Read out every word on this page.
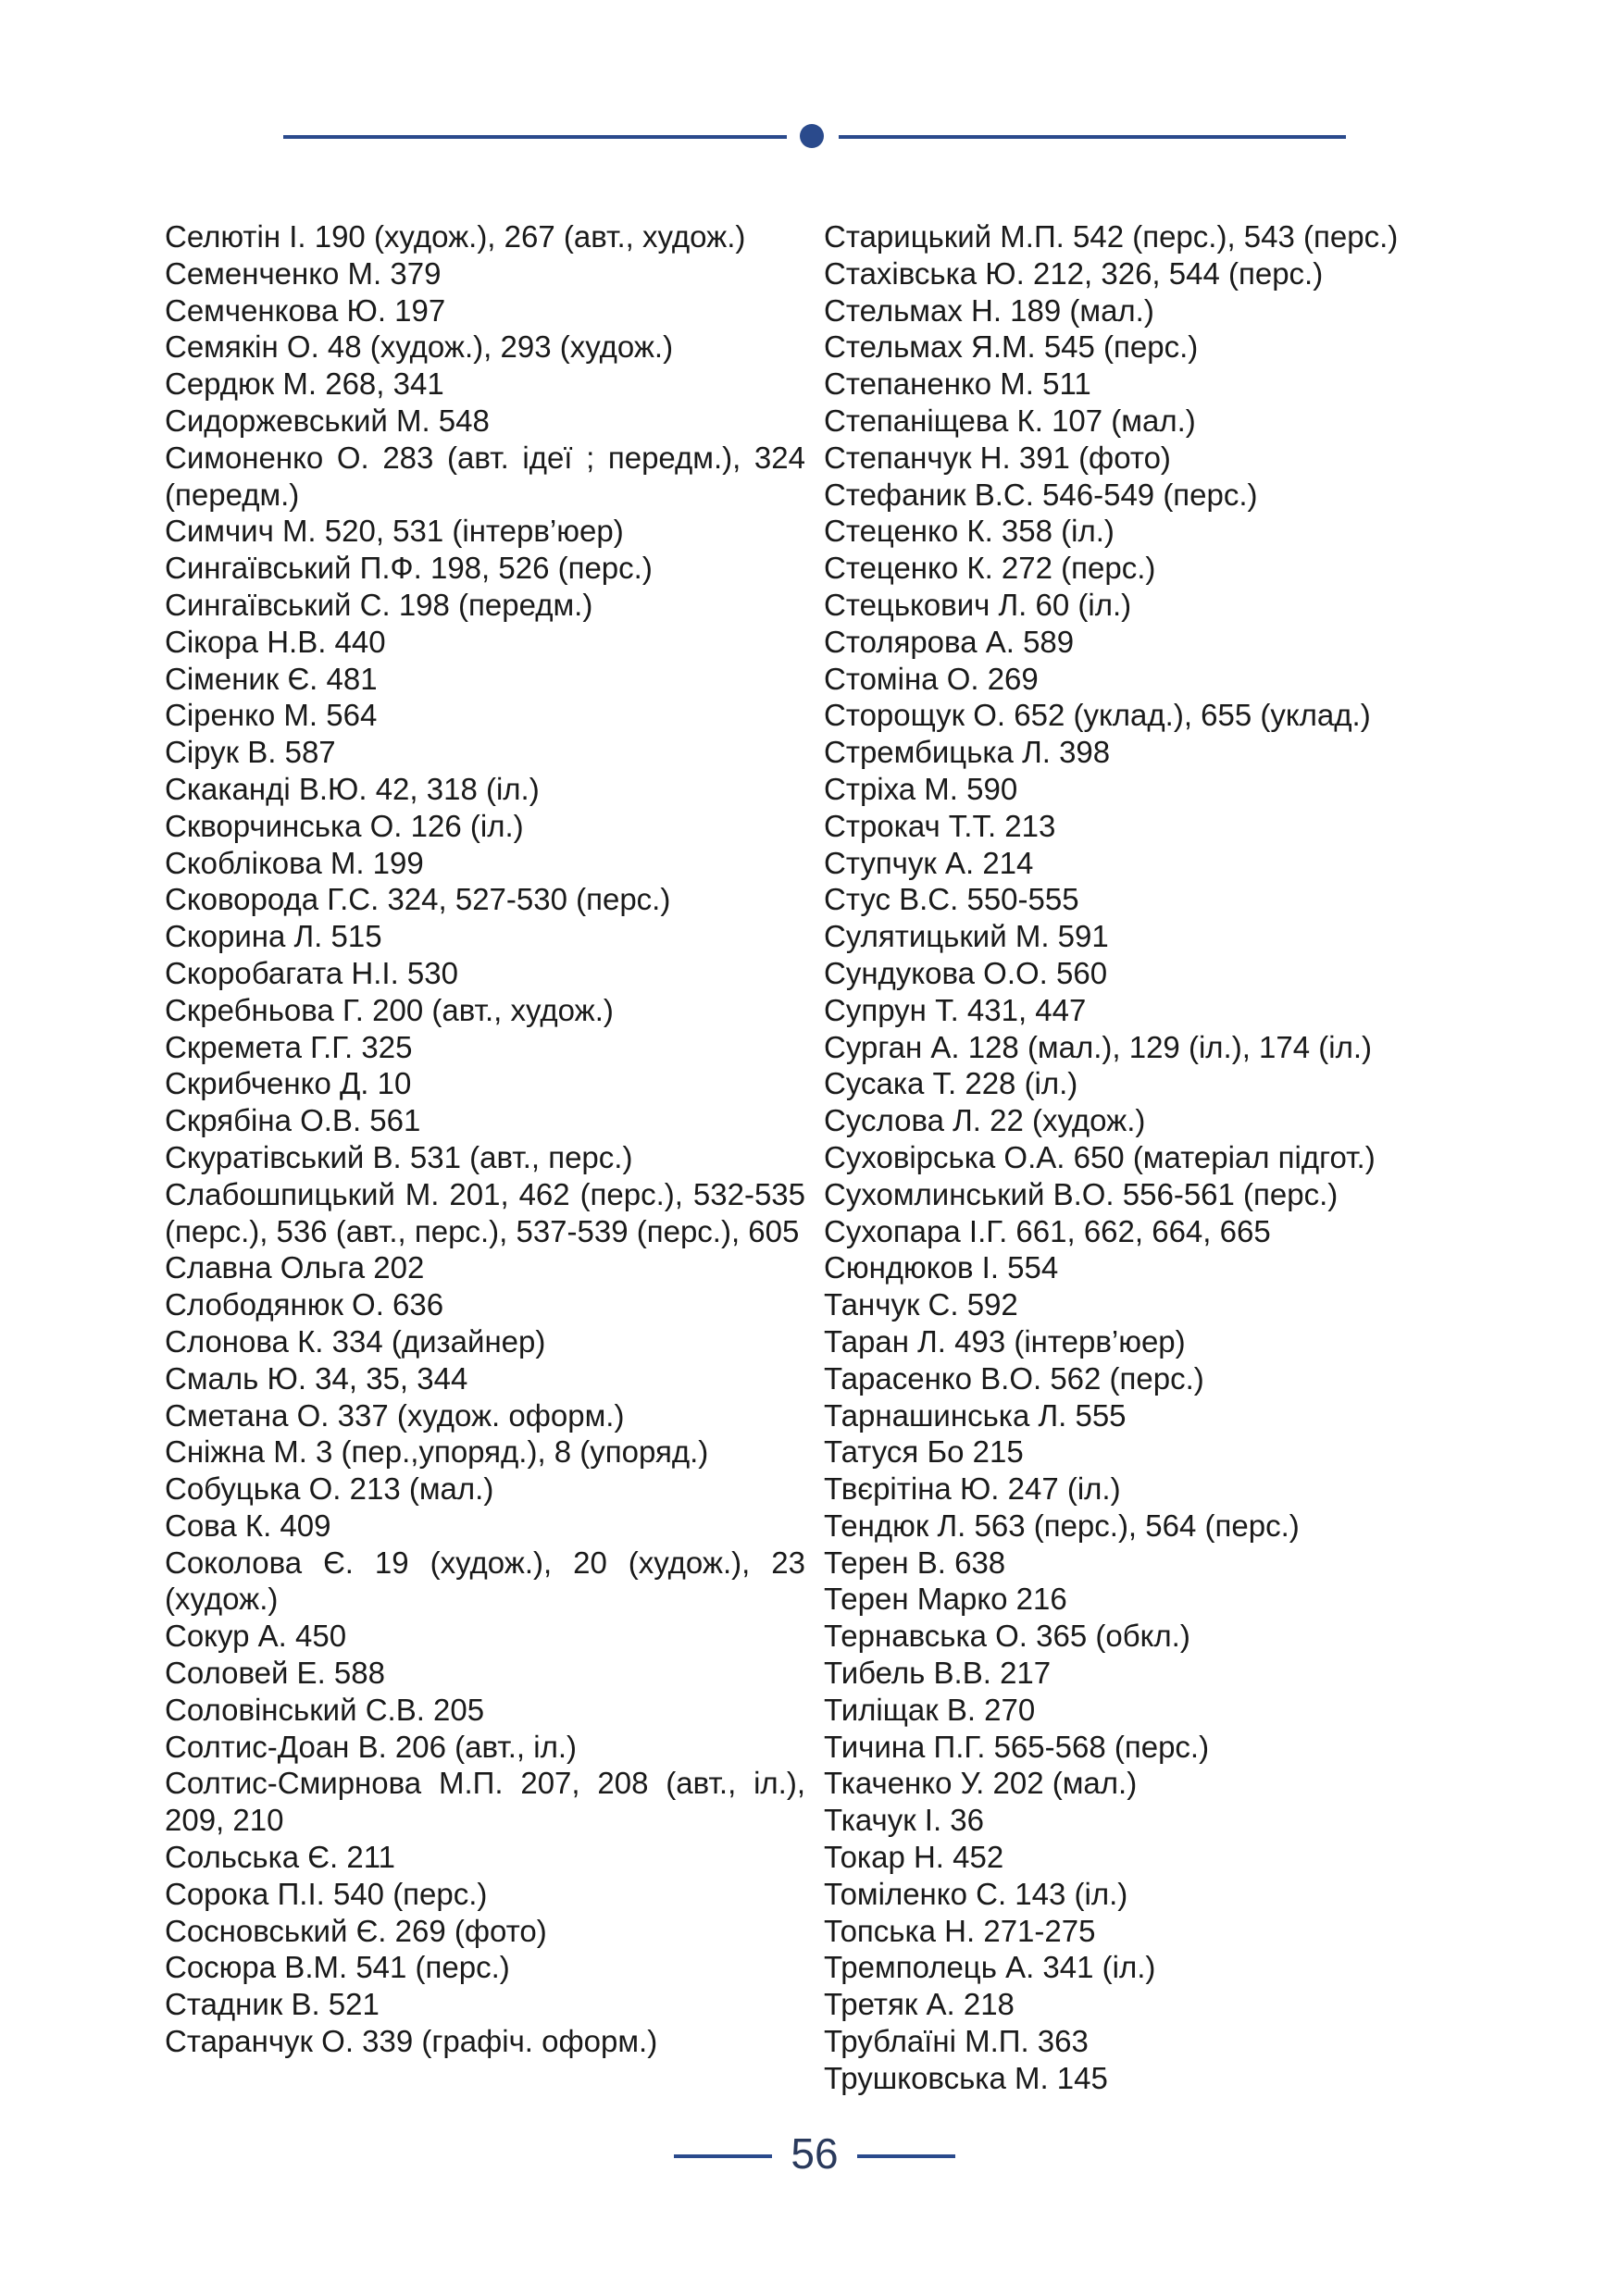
Селютін І. 190 (худож.), 267 (авт., худож.)

Семенченко М. 379

Семченкова Ю. 197

Семякін О. 48 (худож.), 293 (худож.)

Сердюк М. 268, 341

Сидоржевський М. 548

Симоненко О. 283 (авт. ідеї ; передм.), 324 (передм.)

Симчич М. 520, 531 (інтерв’юер)

Сингаївський П.Ф. 198, 526 (перс.)

Сингаївський С. 198 (передм.)

Сікора Н.В. 440

Сіменик Є. 481

Сіренко М. 564

Сірук В. 587

Скаканді В.Ю. 42, 318 (іл.)

Скворчинська О. 126 (іл.)

Скоблікова М. 199

Сковорода Г.С. 324, 527-530 (перс.)

Скорина Л. 515

Скоробагата Н.І. 530

Скребньова Г. 200 (авт., худож.)

Скремета Г.Г. 325

Скрибченко Д. 10

Скрябіна О.В. 561

Скуратівський В. 531 (авт., перс.)

Слабошпицький М. 201, 462 (перс.), 532-535 (перс.), 536 (авт., перс.), 537-539 (перс.), 605

Славна Ольга 202

Слободянюк О. 636

Слонова К. 334 (дизайнер)

Смаль Ю. 34, 35, 344

Сметана О. 337 (худож. оформ.)

Сніжна М. 3 (пер.,упоряд.), 8 (упоряд.)

Собуцька О. 213 (мал.)

Сова К. 409

Соколова Є. 19 (худож.), 20 (худож.), 23 (худож.)

Сокур А. 450

Соловей Е. 588

Соловінський С.В. 205

Солтис-Доан В. 206 (авт., іл.)

Солтис-Смирнова М.П. 207, 208 (авт., іл.), 209, 210

Сольська Є. 211

Сорока П.І. 540 (перс.)

Сосновський Є. 269 (фото)

Сосюра В.М. 541 (перс.)

Стадник В. 521

Старанчук О. 339 (графіч. оформ.)

Старицький М.П. 542 (перс.), 543 (перс.)

Стахівська Ю. 212, 326, 544 (перс.)

Стельмах Н. 189 (мал.)

Стельмах Я.М. 545 (перс.)

Степаненко М. 511

Степаніщева К. 107 (мал.)

Степанчук Н. 391 (фото)

Стефаник В.С. 546-549 (перс.)

Стеценко К. 358 (іл.)

Стеценко К. 272 (перс.)

Стецькович Л. 60 (іл.)

Столярова А. 589

Стоміна О. 269

Сторощук О. 652 (уклад.), 655 (уклад.)

Стрембицька Л. 398

Стріха М. 590

Строкач Т.Т. 213

Ступчук А. 214

Стус В.С. 550-555

Сулятицький М. 591

Сундукова О.О. 560

Супрун Т. 431, 447

Сурган А. 128 (мал.), 129 (іл.), 174 (іл.)

Сусака Т. 228 (іл.)

Суслова Л. 22 (худож.)

Суховірська О.А. 650 (матеріал підгот.)

Сухомлинський В.О. 556-561 (перс.)

Сухопара І.Г. 661, 662, 664, 665

Сюндюков І. 554

Танчук С. 592

Таран Л. 493 (інтерв’юер)

Тарасенко В.О. 562 (перс.)

Тарнашинська Л. 555

Татуся Бо 215

Твєрітіна Ю. 247 (іл.)

Тендюк Л. 563 (перс.), 564 (перс.)

Терен В. 638

Терен Марко 216

Тернавська О. 365 (обкл.)

Тибель В.В. 217

Тиліщак В. 270

Тичина П.Г. 565-568 (перс.)

Ткаченко У. 202 (мал.)

Ткачук І. 36

Токар Н. 452

Томіленко С. 143 (іл.)

Топська Н. 271-275

Тремполець А. 341 (іл.)

Третяк А. 218

Трублаїні М.П. 363

Трушковська М. 145

56
